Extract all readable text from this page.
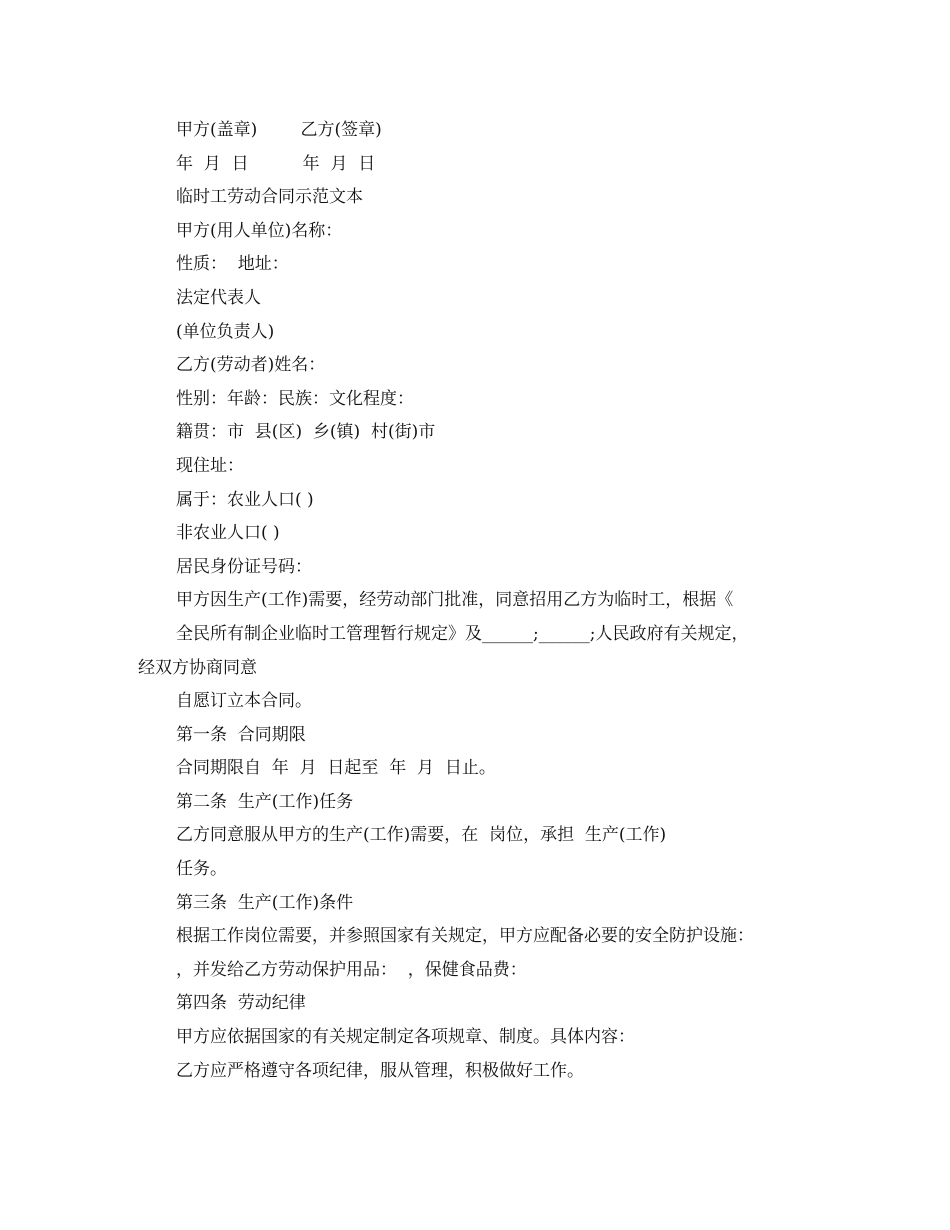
甲方(盖章)        乙方(签章)
年  月  日          年  月  日
临时工劳动合同示范文本
甲方(用人单位)名称：
性质：  地址：
法定代表人
(单位负责人)
乙方(劳动者)姓名：
性别：年龄：民族：文化程度：
籍贯：市  县(区)  乡(镇)  村(街)市
现住址：
属于：农业人口( )
非农业人口( )
居民身份证号码：
甲方因生产(工作)需要，经劳动部门批准，同意招用乙方为临时工，根据《
全民所有制企业临时工管理暂行规定》及______;______;人民政府有关规定，
经双方协商同意
自愿订立本合同。
第一条  合同期限
合同期限自  年  月  日起至  年  月  日止。
第二条  生产(工作)任务
乙方同意服从甲方的生产(工作)需要，在  岗位，承担  生产(工作)
任务。
第三条  生产(工作)条件
根据工作岗位需要，并参照国家有关规定，甲方应配备必要的安全防护设施：
，并发给乙方劳动保护用品：  ，保健食品费：
第四条  劳动纪律
甲方应依据国家的有关规定制定各项规章、制度。具体内容：
乙方应严格遵守各项纪律，服从管理，积极做好工作。
